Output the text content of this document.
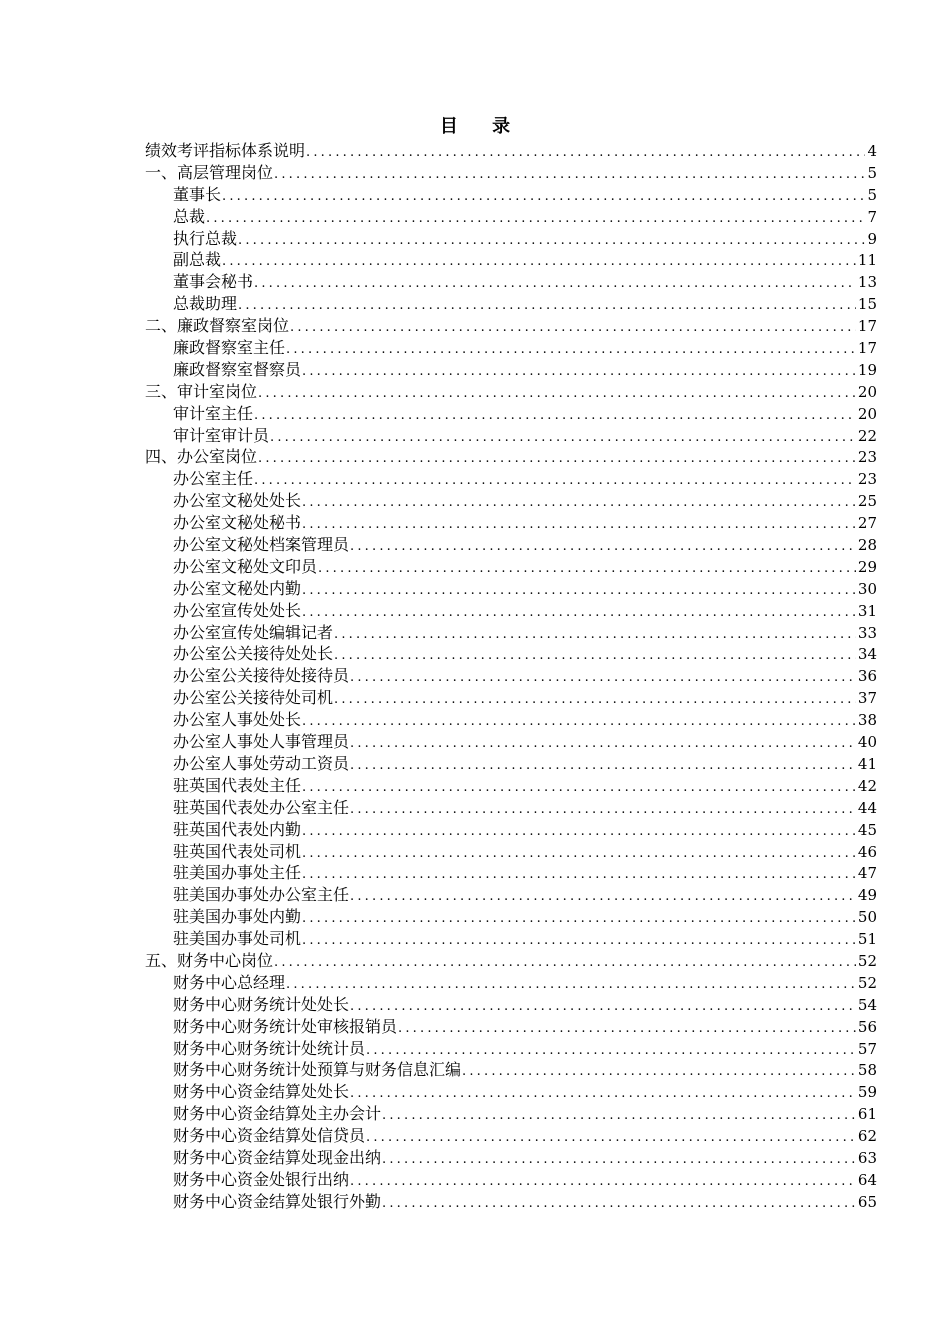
目 录
绩效考评指标体系说明 .....	4
一、高层管理岗位 .....	5
董事长 .....	5
总裁 .....	7
执行总裁 .....	9
副总裁 .....	11
董事会秘书 .....	13
总裁助理 .....	15
二、廉政督察室岗位 .....	17
廉政督察室主任 .....	17
廉政督察室督察员 .....	19
三、审计室岗位 .....	20
审计室主任 .....	20
审计室审计员 .....	22
四、办公室岗位 .....	23
办公室主任 .....	23
办公室文秘处处长 .....	25
办公室文秘处秘书 .....	27
办公室文秘处档案管理员 .....	28
办公室文秘处文印员 .....	29
办公室文秘处内勤 .....	30
办公室宣传处处长 .....	31
办公室宣传处编辑记者 .....	33
办公室公关接待处处长 .....	34
办公室公关接待处接待员 .....	36
办公室公关接待处司机 .....	37
办公室人事处处长 .....	38
办公室人事处人事管理员 .....	40
办公室人事处劳动工资员 .....	41
驻英国代表处主任 .....	42
驻英国代表处办公室主任 .....	44
驻英国代表处内勤 .....	45
驻英国代表处司机 .....	46
驻美国办事处主任 .....	47
驻美国办事处办公室主任 .....	49
驻美国办事处内勤 .....	50
驻美国办事处司机 .....	51
五、财务中心岗位 .....	52
财务中心总经理 .....	52
财务中心财务统计处处长 .....	54
财务中心财务统计处审核报销员 .....	56
财务中心财务统计处统计员 .....	57
财务中心财务统计处预算与财务信息汇编 .....	58
财务中心资金结算处处长 .....	59
财务中心资金结算处主办会计 .....	61
财务中心资金结算处信贷员 .....	62
财务中心资金结算处现金出纳 .....	63
财务中心资金处银行出纳 .....	64
财务中心资金结算处银行外勤 .....	65
